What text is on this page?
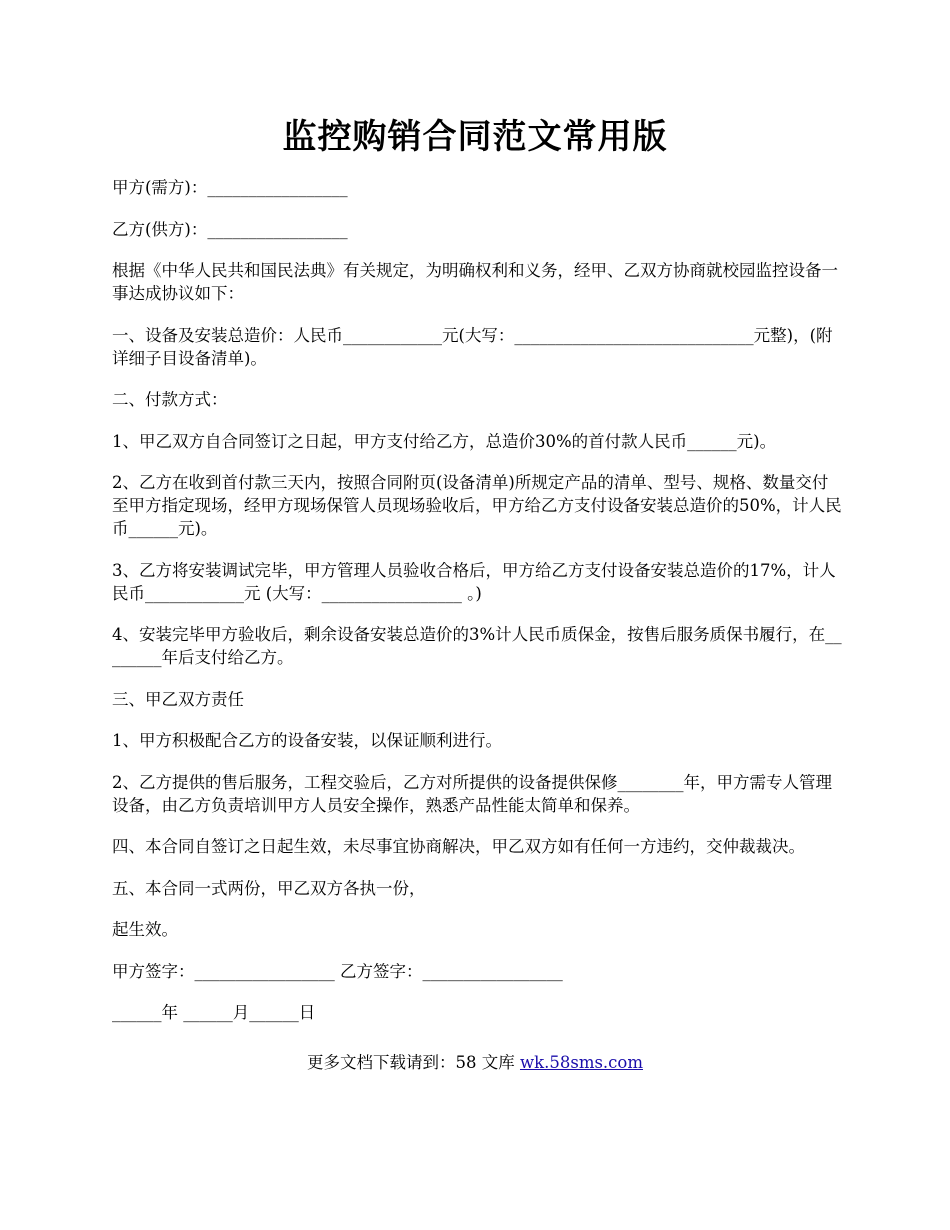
监控购销合同范文常用版

甲方(需方)：_________________

乙方(供方)：_________________

根据《中华人民共和国民法典》有关规定，为明确权利和义务，经甲、乙双方协商就校园监控设备一事达成协议如下：

一、设备及安装总造价：人民币____________元(大写：_____________________________元整)，(附详细子目设备清单)。

二、付款方式：

1、甲乙双方自合同签订之日起，甲方支付给乙方，总造价30%的首付款人民币______元)。

2、乙方在收到首付款三天内，按照合同附页(设备清单)所规定产品的清单、型号、规格、数量交付至甲方指定现场，经甲方现场保管人员现场验收后，甲方给乙方支付设备安装总造价的50%，计人民币______元)。

3、乙方将安装调试完毕，甲方管理人员验收合格后，甲方给乙方支付设备安装总造价的17%，计人民币____________元 (大写：_________________ 。)

4、安装完毕甲方验收后，剩余设备安装总造价的3%计人民币质保金，按售后服务质保书履行，在________年后支付给乙方。

三、甲乙双方责任

1、甲方积极配合乙方的设备安装，以保证顺利进行。

2、乙方提供的售后服务，工程交验后，乙方对所提供的设备提供保修________年，甲方需专人管理设备，由乙方负责培训甲方人员安全操作，熟悉产品性能太简单和保养。

四、本合同自签订之日起生效，未尽事宜协商解决，甲乙双方如有任何一方违约，交仲裁裁决。

五、本合同一式两份，甲乙双方各执一份，

起生效。

甲方签字：_________________ 乙方签字：_________________

______年 ______月______日

更多文档下载请到：58 文库 wk.58sms.com
